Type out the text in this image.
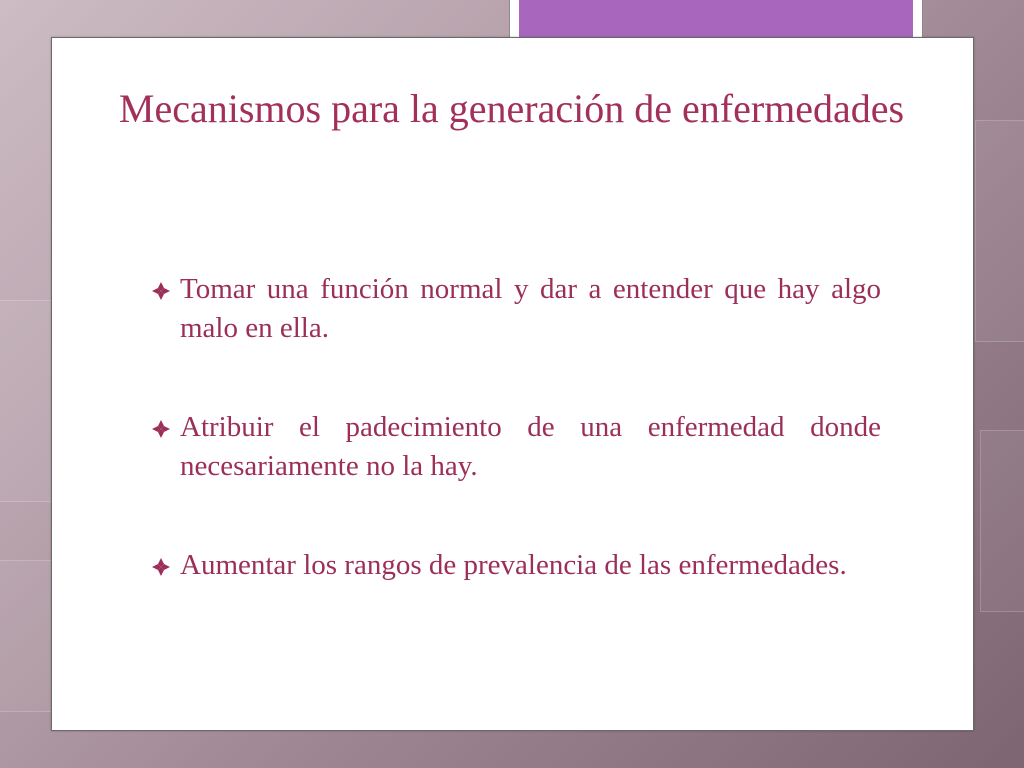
Mecanismos para la generación de enfermedades
Tomar una función normal y dar a entender que hay algo malo en ella.
Atribuir el padecimiento de una enfermedad donde necesariamente no la hay.
Aumentar los rangos de prevalencia de las enfermedades.
